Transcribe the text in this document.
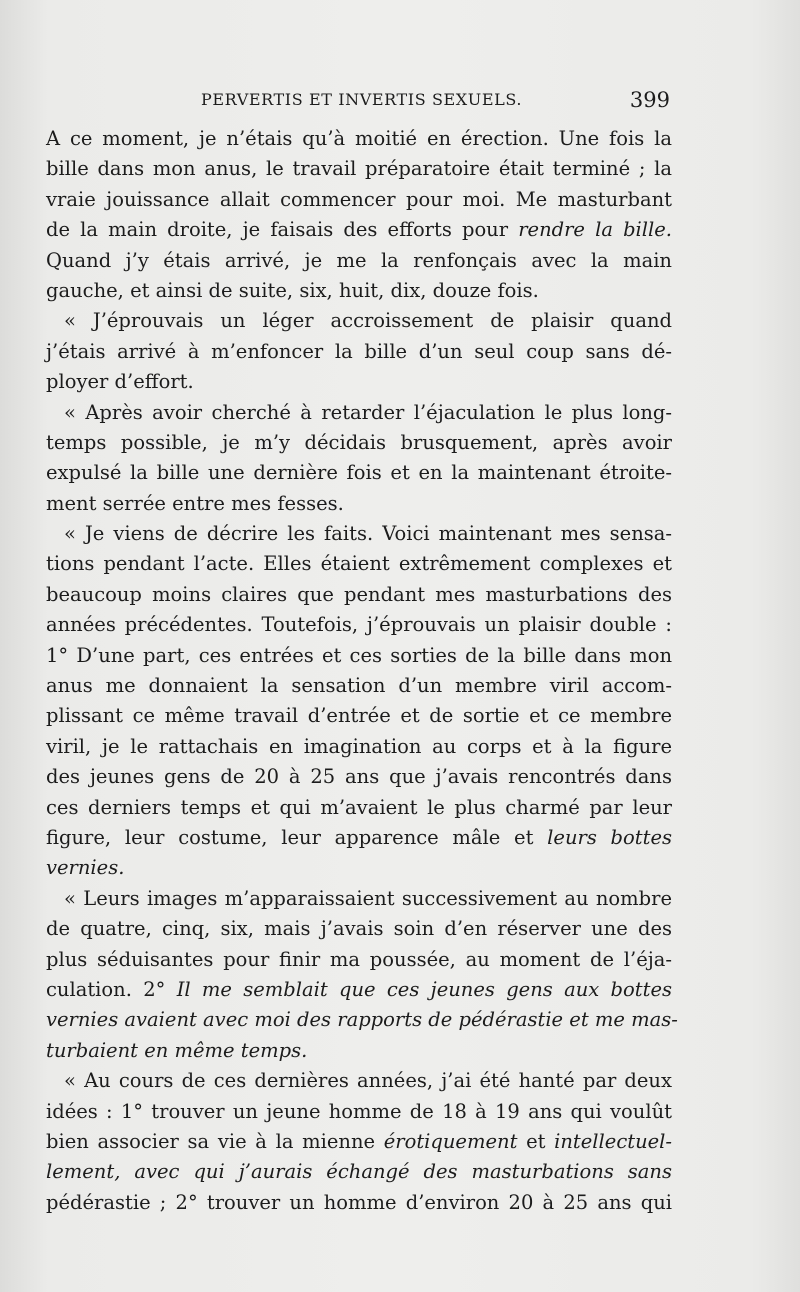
PERVERTIS ET INVERTIS SEXUELS.	399
A ce moment, je n’étais qu’à moitié en érection. Une fois la
bille dans mon anus, le travail préparatoire était terminé ; la
vraie jouissance allait commencer pour moi. Me masturbant
de la main droite, je faisais des efforts pour rendre la bille.
Quand j’y étais arrivé, je me la renfonçais avec la main
gauche, et ainsi de suite, six, huit, dix, douze fois.
« J’éprouvais un léger accroissement de plaisir quand
j’étais arrivé à m’enfoncer la bille d’un seul coup sans dé-
ployer d’effort.
« Après avoir cherché à retarder l’éjaculation le plus long-
temps possible, je m’y décidais brusquement, après avoir
expulsé la bille une dernière fois et en la maintenant étroite-
ment serrée entre mes fesses.
« Je viens de décrire les faits. Voici maintenant mes sensa-
tions pendant l’acte. Elles étaient extrêmement complexes et
beaucoup moins claires que pendant mes masturbations des
années précédentes. Toutefois, j’éprouvais un plaisir double :
1° D’une part, ces entrées et ces sorties de la bille dans mon
anus me donnaient la sensation d’un membre viril accom-
plissant ce même travail d’entrée et de sortie et ce membre
viril, je le rattachais en imagination au corps et à la figure
des jeunes gens de 20 à 25 ans que j’avais rencontrés dans
ces derniers temps et qui m’avaient le plus charmé par leur
figure, leur costume, leur apparence mâle et leurs bottes
vernies.
« Leurs images m’apparaissaient successivement au nombre
de quatre, cinq, six, mais j’avais soin d’en réserver une des
plus séduisantes pour finir ma poussée, au moment de l’éja-
culation. 2° Il me semblait que ces jeunes gens aux bottes
vernies avaient avec moi des rapports de pédérastie et me mas-
turbaient en même temps.
« Au cours de ces dernières années, j’ai été hanté par deux
idées : 1° trouver un jeune homme de 18 à 19 ans qui voulût
bien associer sa vie à la mienne érotiquement et intellectuel-
lement, avec qui j’aurais échangé des masturbations sans
pédérastie ; 2° trouver un homme d’environ 20 à 25 ans qui
